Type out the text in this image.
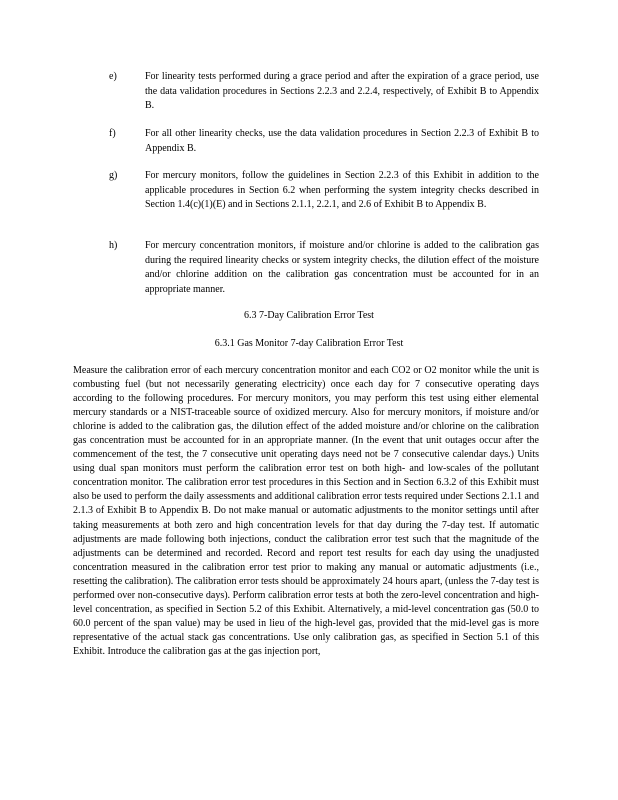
e)	For linearity tests performed during a grace period and after the expiration of a grace period, use the data validation procedures in Sections 2.2.3 and 2.2.4, respectively, of Exhibit B to Appendix B.
f)	For all other linearity checks, use the data validation procedures in Section 2.2.3 of Exhibit B to Appendix B.
g)	For mercury monitors, follow the guidelines in Section 2.2.3 of this Exhibit in addition to the applicable procedures in Section 6.2 when performing the system integrity checks described in Section 1.4(c)(1)(E) and in Sections 2.1.1, 2.2.1, and 2.6 of Exhibit B to Appendix B.
h)	For mercury concentration monitors, if moisture and/or chlorine is added to the calibration gas during the required linearity checks or system integrity checks, the dilution effect of the moisture and/or chlorine addition on the calibration gas concentration must be accounted for in an appropriate manner.
6.3 7-Day Calibration Error Test
6.3.1 Gas Monitor 7-day Calibration Error Test
Measure the calibration error of each mercury concentration monitor and each CO2 or O2 monitor while the unit is combusting fuel (but not necessarily generating electricity) once each day for 7 consecutive operating days according to the following procedures. For mercury monitors, you may perform this test using either elemental mercury standards or a NIST-traceable source of oxidized mercury. Also for mercury monitors, if moisture and/or chlorine is added to the calibration gas, the dilution effect of the added moisture and/or chlorine on the calibration gas concentration must be accounted for in an appropriate manner. (In the event that unit outages occur after the commencement of the test, the 7 consecutive unit operating days need not be 7 consecutive calendar days.) Units using dual span monitors must perform the calibration error test on both high- and low-scales of the pollutant concentration monitor. The calibration error test procedures in this Section and in Section 6.3.2 of this Exhibit must also be used to perform the daily assessments and additional calibration error tests required under Sections 2.1.1 and 2.1.3 of Exhibit B to Appendix B. Do not make manual or automatic adjustments to the monitor settings until after taking measurements at both zero and high concentration levels for that day during the 7-day test. If automatic adjustments are made following both injections, conduct the calibration error test such that the magnitude of the adjustments can be determined and recorded. Record and report test results for each day using the unadjusted concentration measured in the calibration error test prior to making any manual or automatic adjustments (i.e., resetting the calibration). The calibration error tests should be approximately 24 hours apart, (unless the 7-day test is performed over non-consecutive days). Perform calibration error tests at both the zero-level concentration and high-level concentration, as specified in Section 5.2 of this Exhibit. Alternatively, a mid-level concentration gas (50.0 to 60.0 percent of the span value) may be used in lieu of the high-level gas, provided that the mid-level gas is more representative of the actual stack gas concentrations. Use only calibration gas, as specified in Section 5.1 of this Exhibit. Introduce the calibration gas at the gas injection port,
